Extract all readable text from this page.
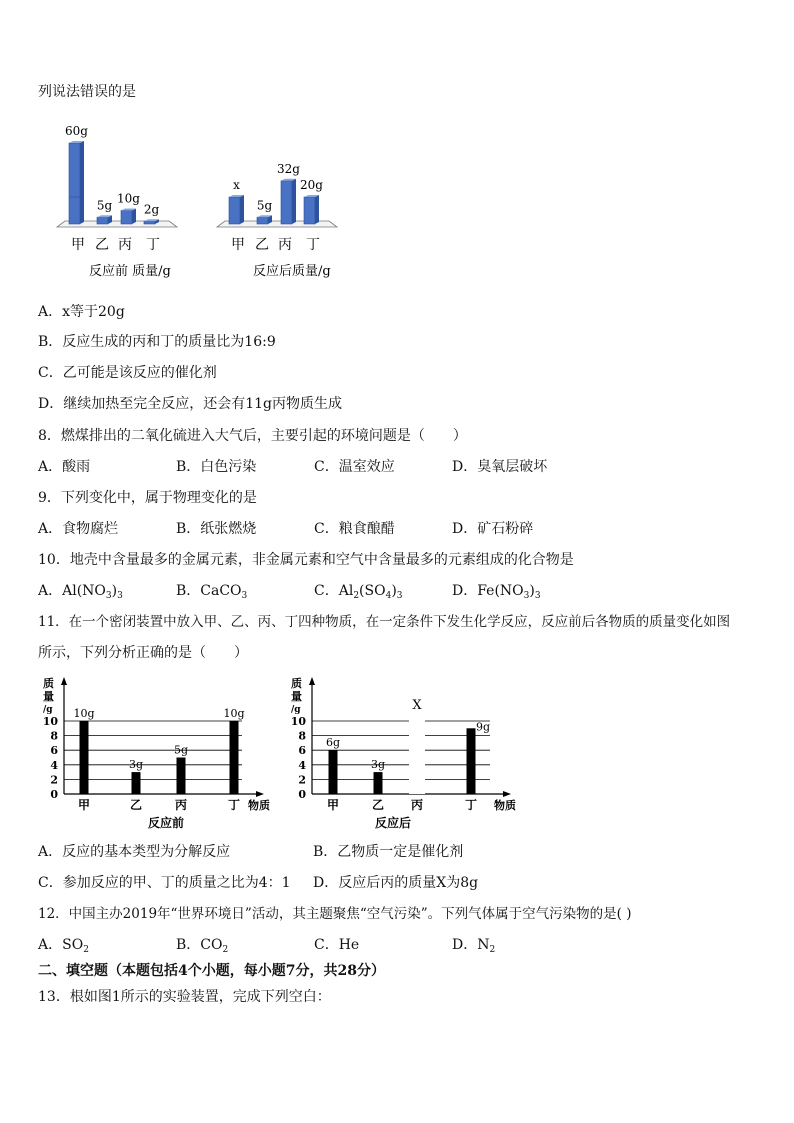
列说法错误的是
60g
5g 10g
2g
甲 乙 丙 丁
反应前 质量/g
x
5g
32g
20g
甲 乙 丙 丁
反应后质量/g
A．x等于20g
B．反应生成的丙和丁的质量比为16:9
C．乙可能是该反应的催化剂
D．继续加热至完全反应，还会有11g丙物质生成
8．燃煤排出的二氧化硫进入大气后，主要引起的环境问题是（　　）
A．酸雨	B．白色污染	C．温室效应	D．臭氧层破坏
9．下列变化中，属于物理变化的是
A．食物腐烂	B．纸张燃烧	C．粮食酿醋	D．矿石粉碎
10．地壳中含量最多的金属元素，非金属元素和空气中含量最多的元素组成的化合物是
A．$Al(NO_3)_3$	B．CaCO$_3$	C．$Al_2(SO_4)_3$	D．$Fe(NO_3)_3$
11．在一个密闭装置中放入甲、乙、丙、丁四种物质，在一定条件下发生化学反应，反应前后各物质的质量变化如图
所示，下列分析正确的是（　　）
质
量
/g
0
2
4
6
8
10
10g
3g
5g
10g
甲	乙	丙	丁 物质
反应前
质
量
/g
0
2
4
6
8
10
6g
3g
X
9g
甲	乙 丙	丁 物质
反应后
A．反应的基本类型为分解反应	B．乙物质一定是催化剂
C．参加反应的甲、丁的质量之比为4：1 D．反应后丙的质量X为8g
12．中国主办2019年“世界环境日”活动，其主题聚焦“空气污染”。下列气体属于空气污染物的是( )
A．$SO_2$	B．$CO_2$	C．He	D．$N_2$
二、填空题（本题包括4个小题，每小题7分，共28分）
13．根如图1所示的实验装置，完成下列空白：
